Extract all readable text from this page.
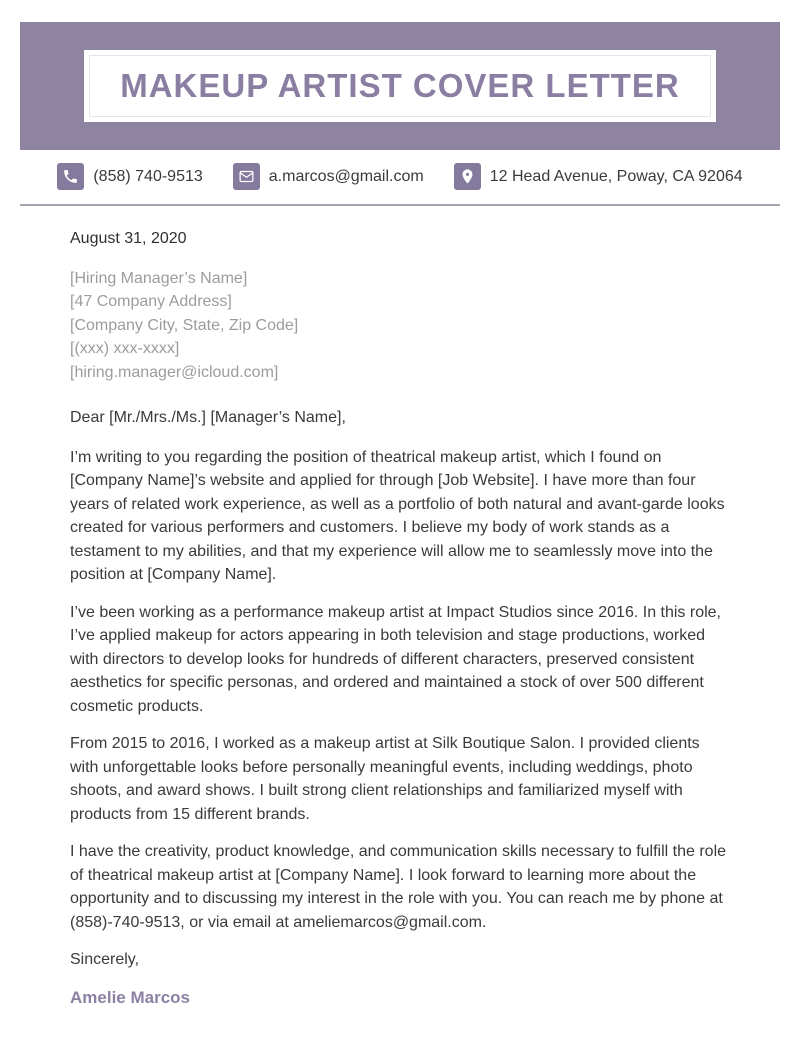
MAKEUP ARTIST COVER LETTER
(858) 740-9513	a.marcos@gmail.com	12 Head Avenue, Poway, CA 92064
August 31, 2020
[Hiring Manager’s Name]
[47 Company Address]
[Company City, State, Zip Code]
[(xxx) xxx-xxxx]
[hiring.manager@icloud.com]

Dear [Mr./Mrs./Ms.] [Manager’s Name],

I’m writing to you regarding the position of theatrical makeup artist, which I found on [Company Name]’s website and applied for through [Job Website]. I have more than four years of related work experience, as well as a portfolio of both natural and avant-garde looks created for various performers and customers. I believe my body of work stands as a testament to my abilities, and that my experience will allow me to seamlessly move into the position at [Company Name].

I’ve been working as a performance makeup artist at Impact Studios since 2016. In this role, I’ve applied makeup for actors appearing in both television and stage productions, worked with directors to develop looks for hundreds of different characters, preserved consistent aesthetics for specific personas, and ordered and maintained a stock of over 500 different cosmetic products.

From 2015 to 2016, I worked as a makeup artist at Silk Boutique Salon. I provided clients with unforgettable looks before personally meaningful events, including weddings, photo shoots, and award shows. I built strong client relationships and familiarized myself with products from 15 different brands.

I have the creativity, product knowledge, and communication skills necessary to fulfill the role of theatrical makeup artist at [Company Name]. I look forward to learning more about the opportunity and to discussing my interest in the role with you. You can reach me by phone at (858)-740-9513, or via email at ameliemarcos@gmail.com.

Sincerely,

Amelie Marcos
